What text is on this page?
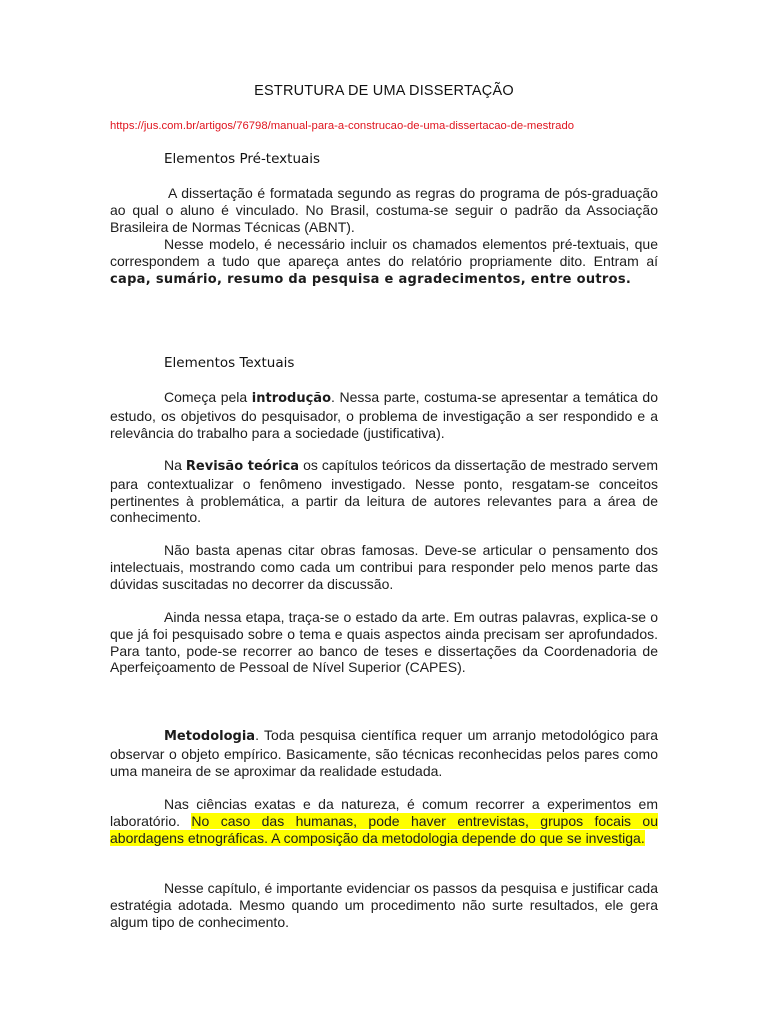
ESTRUTURA DE UMA DISSERTAÇÃO
https://jus.com.br/artigos/76798/manual-para-a-construcao-de-uma-dissertacao-de-mestrado
Elementos Pré-textuais

A dissertação é formatada segundo as regras do programa de pós-graduação ao qual o aluno é vinculado. No Brasil, costuma-se seguir o padrão da Associação Brasileira de Normas Técnicas (ABNT).

Nesse modelo, é necessário incluir os chamados elementos pré-textuais, que correspondem a tudo que apareça antes do relatório propriamente dito. Entram aí capa, sumário, resumo da pesquisa e agradecimentos, entre outros.

Elementos Textuais

Começa pela introdução. Nessa parte, costuma-se apresentar a temática do estudo, os objetivos do pesquisador, o problema de investigação a ser respondido e a relevância do trabalho para a sociedade (justificativa).

Na Revisão teórica os capítulos teóricos da dissertação de mestrado servem para contextualizar o fenômeno investigado. Nesse ponto, resgatam-se conceitos pertinentes à problemática, a partir da leitura de autores relevantes para a área de conhecimento.

Não basta apenas citar obras famosas. Deve-se articular o pensamento dos intelectuais, mostrando como cada um contribui para responder pelo menos parte das dúvidas suscitadas no decorrer da discussão.

Ainda nessa etapa, traça-se o estado da arte. Em outras palavras, explica-se o que já foi pesquisado sobre o tema e quais aspectos ainda precisam ser aprofundados. Para tanto, pode-se recorrer ao banco de teses e dissertações da Coordenadoria de Aperfeiçoamento de Pessoal de Nível Superior (CAPES).

Metodologia. Toda pesquisa científica requer um arranjo metodológico para observar o objeto empírico. Basicamente, são técnicas reconhecidas pelos pares como uma maneira de se aproximar da realidade estudada.

Nas ciências exatas e da natureza, é comum recorrer a experimentos em laboratório. No caso das humanas, pode haver entrevistas, grupos focais ou abordagens etnográficas. A composição da metodologia depende do que se investiga.

Nesse capítulo, é importante evidenciar os passos da pesquisa e justificar cada estratégia adotada. Mesmo quando um procedimento não surte resultados, ele gera algum tipo de conhecimento.
